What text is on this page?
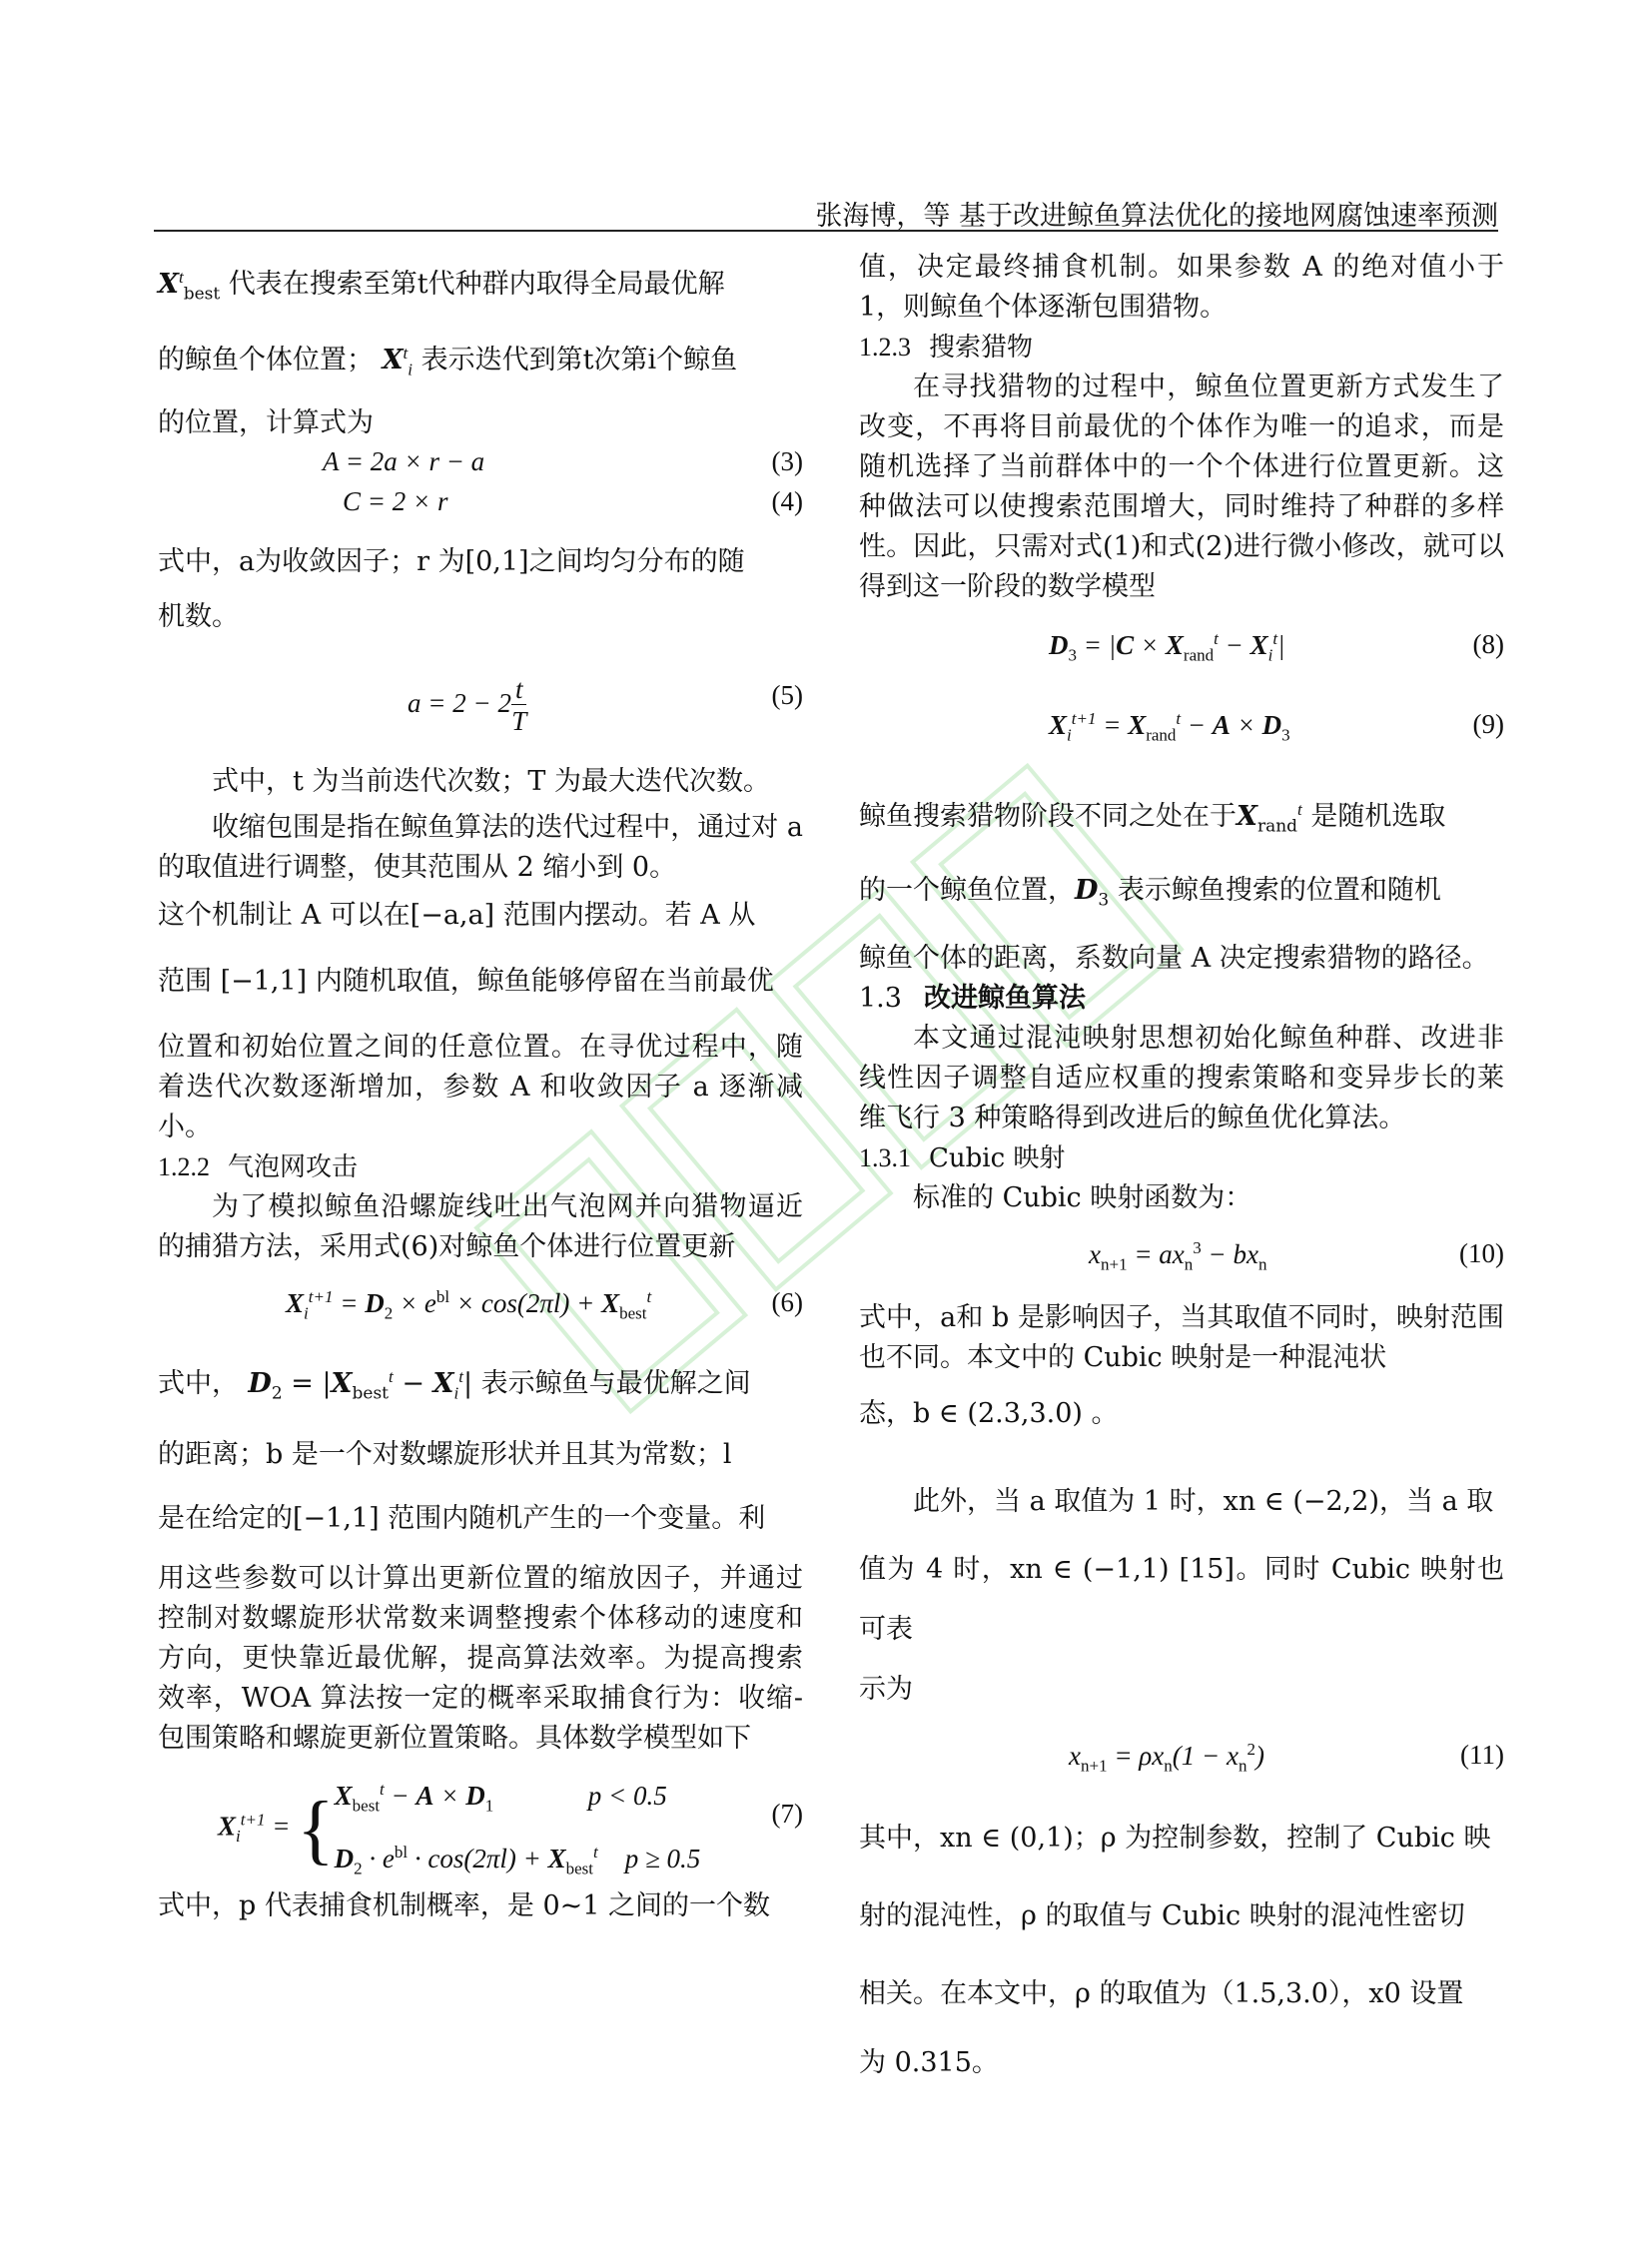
张海博，等 基于改进鲸鱼算法优化的接地网腐蚀速率预测

$X^t_{best}$ 代表在搜索至第t代种群内取得全局最优解

的鲸鱼个体位置； $X^t_i$ 表示迭代到第t次第i个鲸鱼

的位置，计算式为

A = 2a × r − a	(3)
C = 2 × r	(4)

式中，a为收敛因子；r 为[0,1]之间均匀分布的随

机数。

$a = 2 - 2 \frac{t}{T}$	(5)

式中，t 为当前迭代次数；T 为最大迭代次数。

收缩包围是指在鲸鱼算法的迭代过程中，通过对 a 的取值进行调整，使其范围从 2 缩小到 0。

这个机制让 A 可以在[−a,a] 范围内摆动。若 A 从

范围 [−1,1] 内随机取值，鲸鱼能够停留在当前最优

位置和初始位置之间的任意位置。在寻优过程中，随着迭代次数逐渐增加，参数 A 和收敛因子 a 逐渐减小。

1.2.2 气泡网攻击

为了模拟鲸鱼沿螺旋线吐出气泡网并向猎物逼近的捕猎方法，采用式(6)对鲸鱼个体进行位置更新

$X_i^{t+1} = D_2 \times e^{bl} \times \cos(2\pi l) + X_{best}^t$	(6)

式中， $D_2 = |X_{best}^t - X_i^t|$ 表示鲸鱼与最优解之间

的距离；b 是一个对数螺旋形状并且其为常数；l

是在给定的[−1,1] 范围内随机产生的一个变量。利

用这些参数可以计算出更新位置的缩放因子，并通过控制对数螺旋形状常数来调整搜索个体移动的速度和方向，更快靠近最优解，提高算法效率。为提高搜索效率，WOA 算法按一定的概率采取捕食行为：收缩-包围策略和螺旋更新位置策略。具体数学模型如下

$X_i^{t+1}$ = { $X_{best}^t - A \times D_1$              p < 0.5
$D_2 \cdot e^{bl} \cdot \cos(2\pi l) + X_{best}^t$    p ≥ 0.5
(7)

式中，p 代表捕食机制概率，是 0~1 之间的一个数

值，决定最终捕食机制。如果参数 A 的绝对值小于 1，则鲸鱼个体逐渐包围猎物。

1.2.3 搜索猎物

在寻找猎物的过程中，鲸鱼位置更新方式发生了改变，不再将目前最优的个体作为唯一的追求，而是随机选择了当前群体中的一个个体进行位置更新。这种做法可以使搜索范围增大，同时维持了种群的多样性。因此，只需对式(1)和式(2)进行微小修改，就可以得到这一阶段的数学模型

$D_3 = |C \times X_{rand}^t - X_i^t|$	(8)
$X_i^{t+1} = X_{rand}^t - A \times D_3$	(9)

鲸鱼搜索猎物阶段不同之处在于$X_{rand}^t$ 是随机选取

的一个鲸鱼位置，$D_3$ 表示鲸鱼搜索的位置和随机

鲸鱼个体的距离，系数向量 A 决定搜索猎物的路径。

1.3 改进鲸鱼算法

本文通过混沌映射思想初始化鲸鱼种群、改进非线性因子调整自适应权重的搜索策略和变异步长的莱维飞行 3 种策略得到改进后的鲸鱼优化算法。

1.3.1 Cubic 映射

标准的 Cubic 映射函数为：

$x_{n+1} = ax_n^3 - bx_n$	(10)

式中，a和 b 是影响因子，当其取值不同时，映射范围也不同。本文中的 Cubic 映射是一种混沌状

态，b ∈ (2.3,3.0) 。

此外，当 a 取值为 1 时，xn ∈ (−2,2)，当 a 取

值为 4 时，xn ∈ (−1,1) [15]。同时 Cubic 映射也可表

示为

$x_{n+1} = \rho x_n(1 - x_n^2)$	(11)

其中，xn ∈ (0,1)；ρ 为控制参数，控制了 Cubic 映

射的混沌性，ρ 的取值与 Cubic 映射的混沌性密切

相关。在本文中，ρ 的取值为（1.5,3.0），x0 设置

为 0.315。
